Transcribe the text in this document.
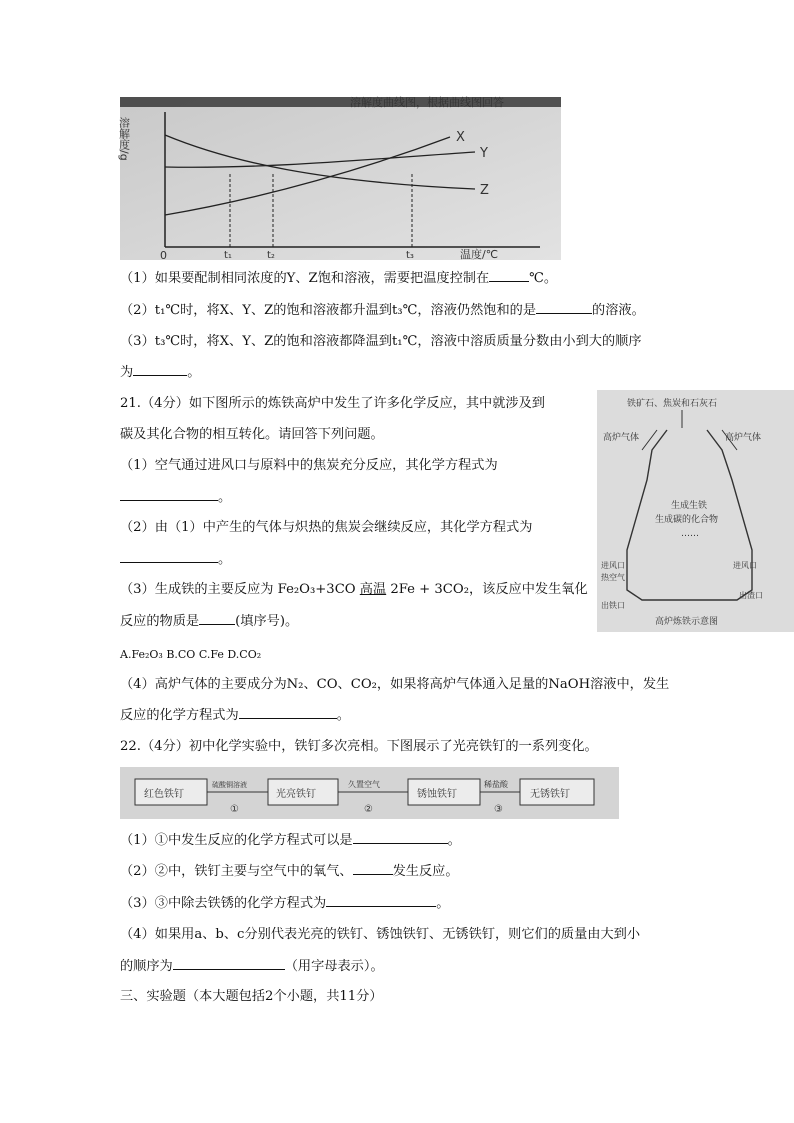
溶解度曲线图，根据曲线图回答
0
溶解度/g
温度/℃
t₁	t₂	t₃
X
Y
Z
（1）如果要配制相同浓度的Y、Z饱和溶液，需要把温度控制在	℃。
（2）t₁℃时，将X、Y、Z的饱和溶液都升温到t₃℃，溶液仍然饱和的是	的溶液。
（3）t₃℃时，将X、Y、Z的饱和溶液都降温到t₁℃，溶液中溶质质量分数由小到大的顺序
为	。
21.（4分）如下图所示的炼铁高炉中发生了许多化学反应，其中就涉及到
碳及其化合物的相互转化。请回答下列问题。
（1）空气通过进风口与原料中的焦炭充分反应，其化学方程式为
。
（2）由（1）中产生的气体与炽热的焦炭会继续反应，其化学方程式为
。
（3）生成铁的主要反应为 Fe₂O₃+3CO 高温 2Fe + 3CO₂，该反应中发生氧化
反应的物质是	(填序号)。
A.Fe₂O₃ B.CO C.Fe D.CO₂
（4）高炉气体的主要成分为N₂、CO、CO₂，如果将高炉气体通入足量的NaOH溶液中，发生
反应的化学方程式为	。
铁矿石、焦炭和石灰石
高炉气体	高炉气体
生成生铁
生成碳的化合物
……
进风口
热空气
进风口
出铁口
出渣口
高炉炼铁示意图
22.（4分）初中化学实验中，铁钉多次亮相。下图展示了光亮铁钉的一系列变化。
红色铁钉
硫酸铜溶液
①
光亮铁钉
久置空气
②
锈蚀铁钉
稀盐酸
③
无锈铁钉
（1）①中发生反应的化学方程式可以是	。
（2）②中，铁钉主要与空气中的氧气、	发生反应。
（3）③中除去铁锈的化学方程式为	。
（4）如果用a、b、c分别代表光亮的铁钉、锈蚀铁钉、无锈铁钉，则它们的质量由大到小
的顺序为	（用字母表示）。
三、实验题（本大题包括2个小题，共11分）
